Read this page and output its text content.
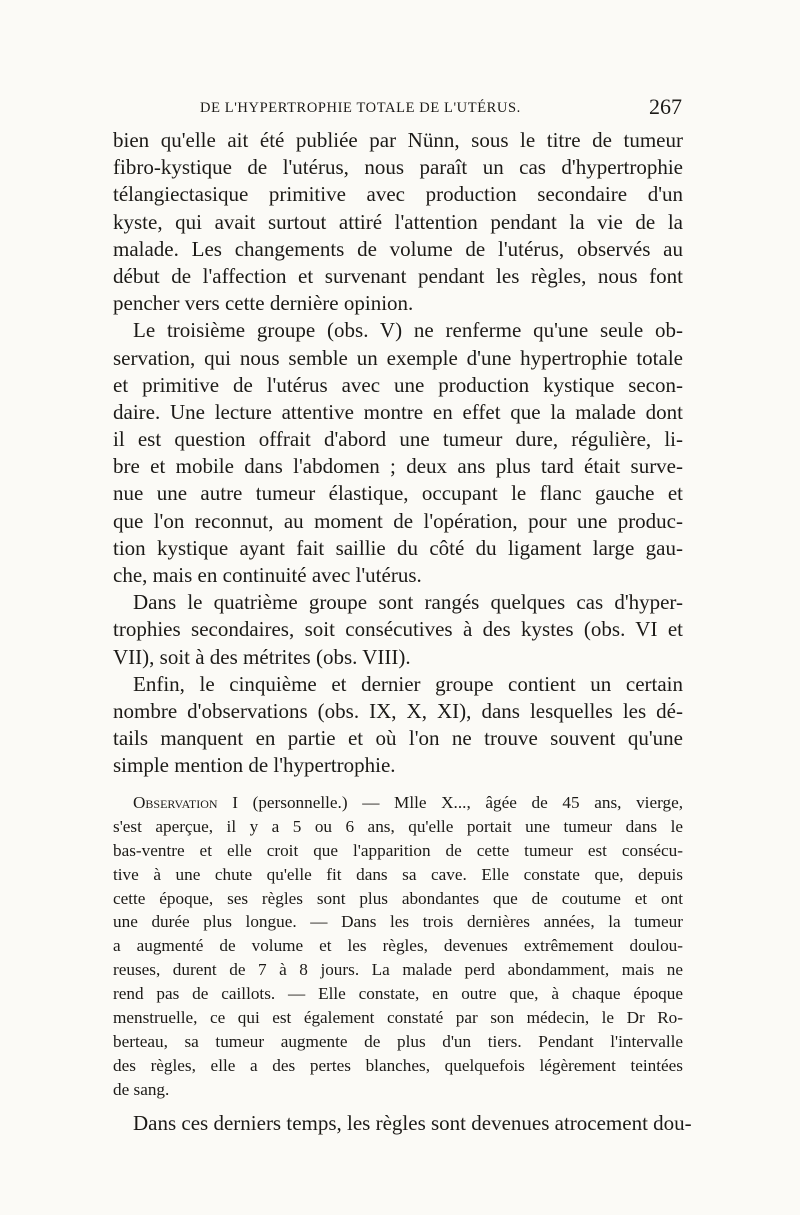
DE L'HYPERTROPHIE TOTALE DE L'UTÉRUS.	267
bien qu'elle ait été publiée par Nünn, sous le titre de tumeur
fibro-kystique de l'utérus, nous paraît un cas d'hypertrophie
télangiectasique primitive avec production secondaire d'un
kyste, qui avait surtout attiré l'attention pendant la vie de la
malade. Les changements de volume de l'utérus, observés au
début de l'affection et survenant pendant les règles, nous font
pencher vers cette dernière opinion.
Le troisième groupe (obs. V) ne renferme qu'une seule ob-
servation, qui nous semble un exemple d'une hypertrophie totale
et primitive de l'utérus avec une production kystique secon-
daire. Une lecture attentive montre en effet que la malade dont
il est question offrait d'abord une tumeur dure, régulière, li-
bre et mobile dans l'abdomen ; deux ans plus tard était surve-
nue une autre tumeur élastique, occupant le flanc gauche et
que l'on reconnut, au moment de l'opération, pour une produc-
tion kystique ayant fait saillie du côté du ligament large gau-
che, mais en continuité avec l'utérus.
Dans le quatrième groupe sont rangés quelques cas d'hyper-
trophies secondaires, soit consécutives à des kystes (obs. VI et
VII), soit à des métrites (obs. VIII).
Enfin, le cinquième et dernier groupe contient un certain
nombre d'observations (obs. IX, X, XI), dans lesquelles les dé-
tails manquent en partie et où l'on ne trouve souvent qu'une
simple mention de l'hypertrophie.
Observation I (personnelle.) — Mlle X..., âgée de 45 ans, vierge,
s'est aperçue, il y a 5 ou 6 ans, qu'elle portait une tumeur dans le
bas-ventre et elle croit que l'apparition de cette tumeur est consécu-
tive à une chute qu'elle fit dans sa cave. Elle constate que, depuis
cette époque, ses règles sont plus abondantes que de coutume et ont
une durée plus longue. — Dans les trois dernières années, la tumeur
a augmenté de volume et les règles, devenues extrêmement doulou-
reuses, durent de 7 à 8 jours. La malade perd abondamment, mais ne
rend pas de caillots. — Elle constate, en outre que, à chaque époque
menstruelle, ce qui est également constaté par son médecin, le Dr Ro-
berteau, sa tumeur augmente de plus d'un tiers. Pendant l'intervalle
des règles, elle a des pertes blanches, quelquefois légèrement teintées
de sang.
Dans ces derniers temps, les règles sont devenues atrocement dou-
